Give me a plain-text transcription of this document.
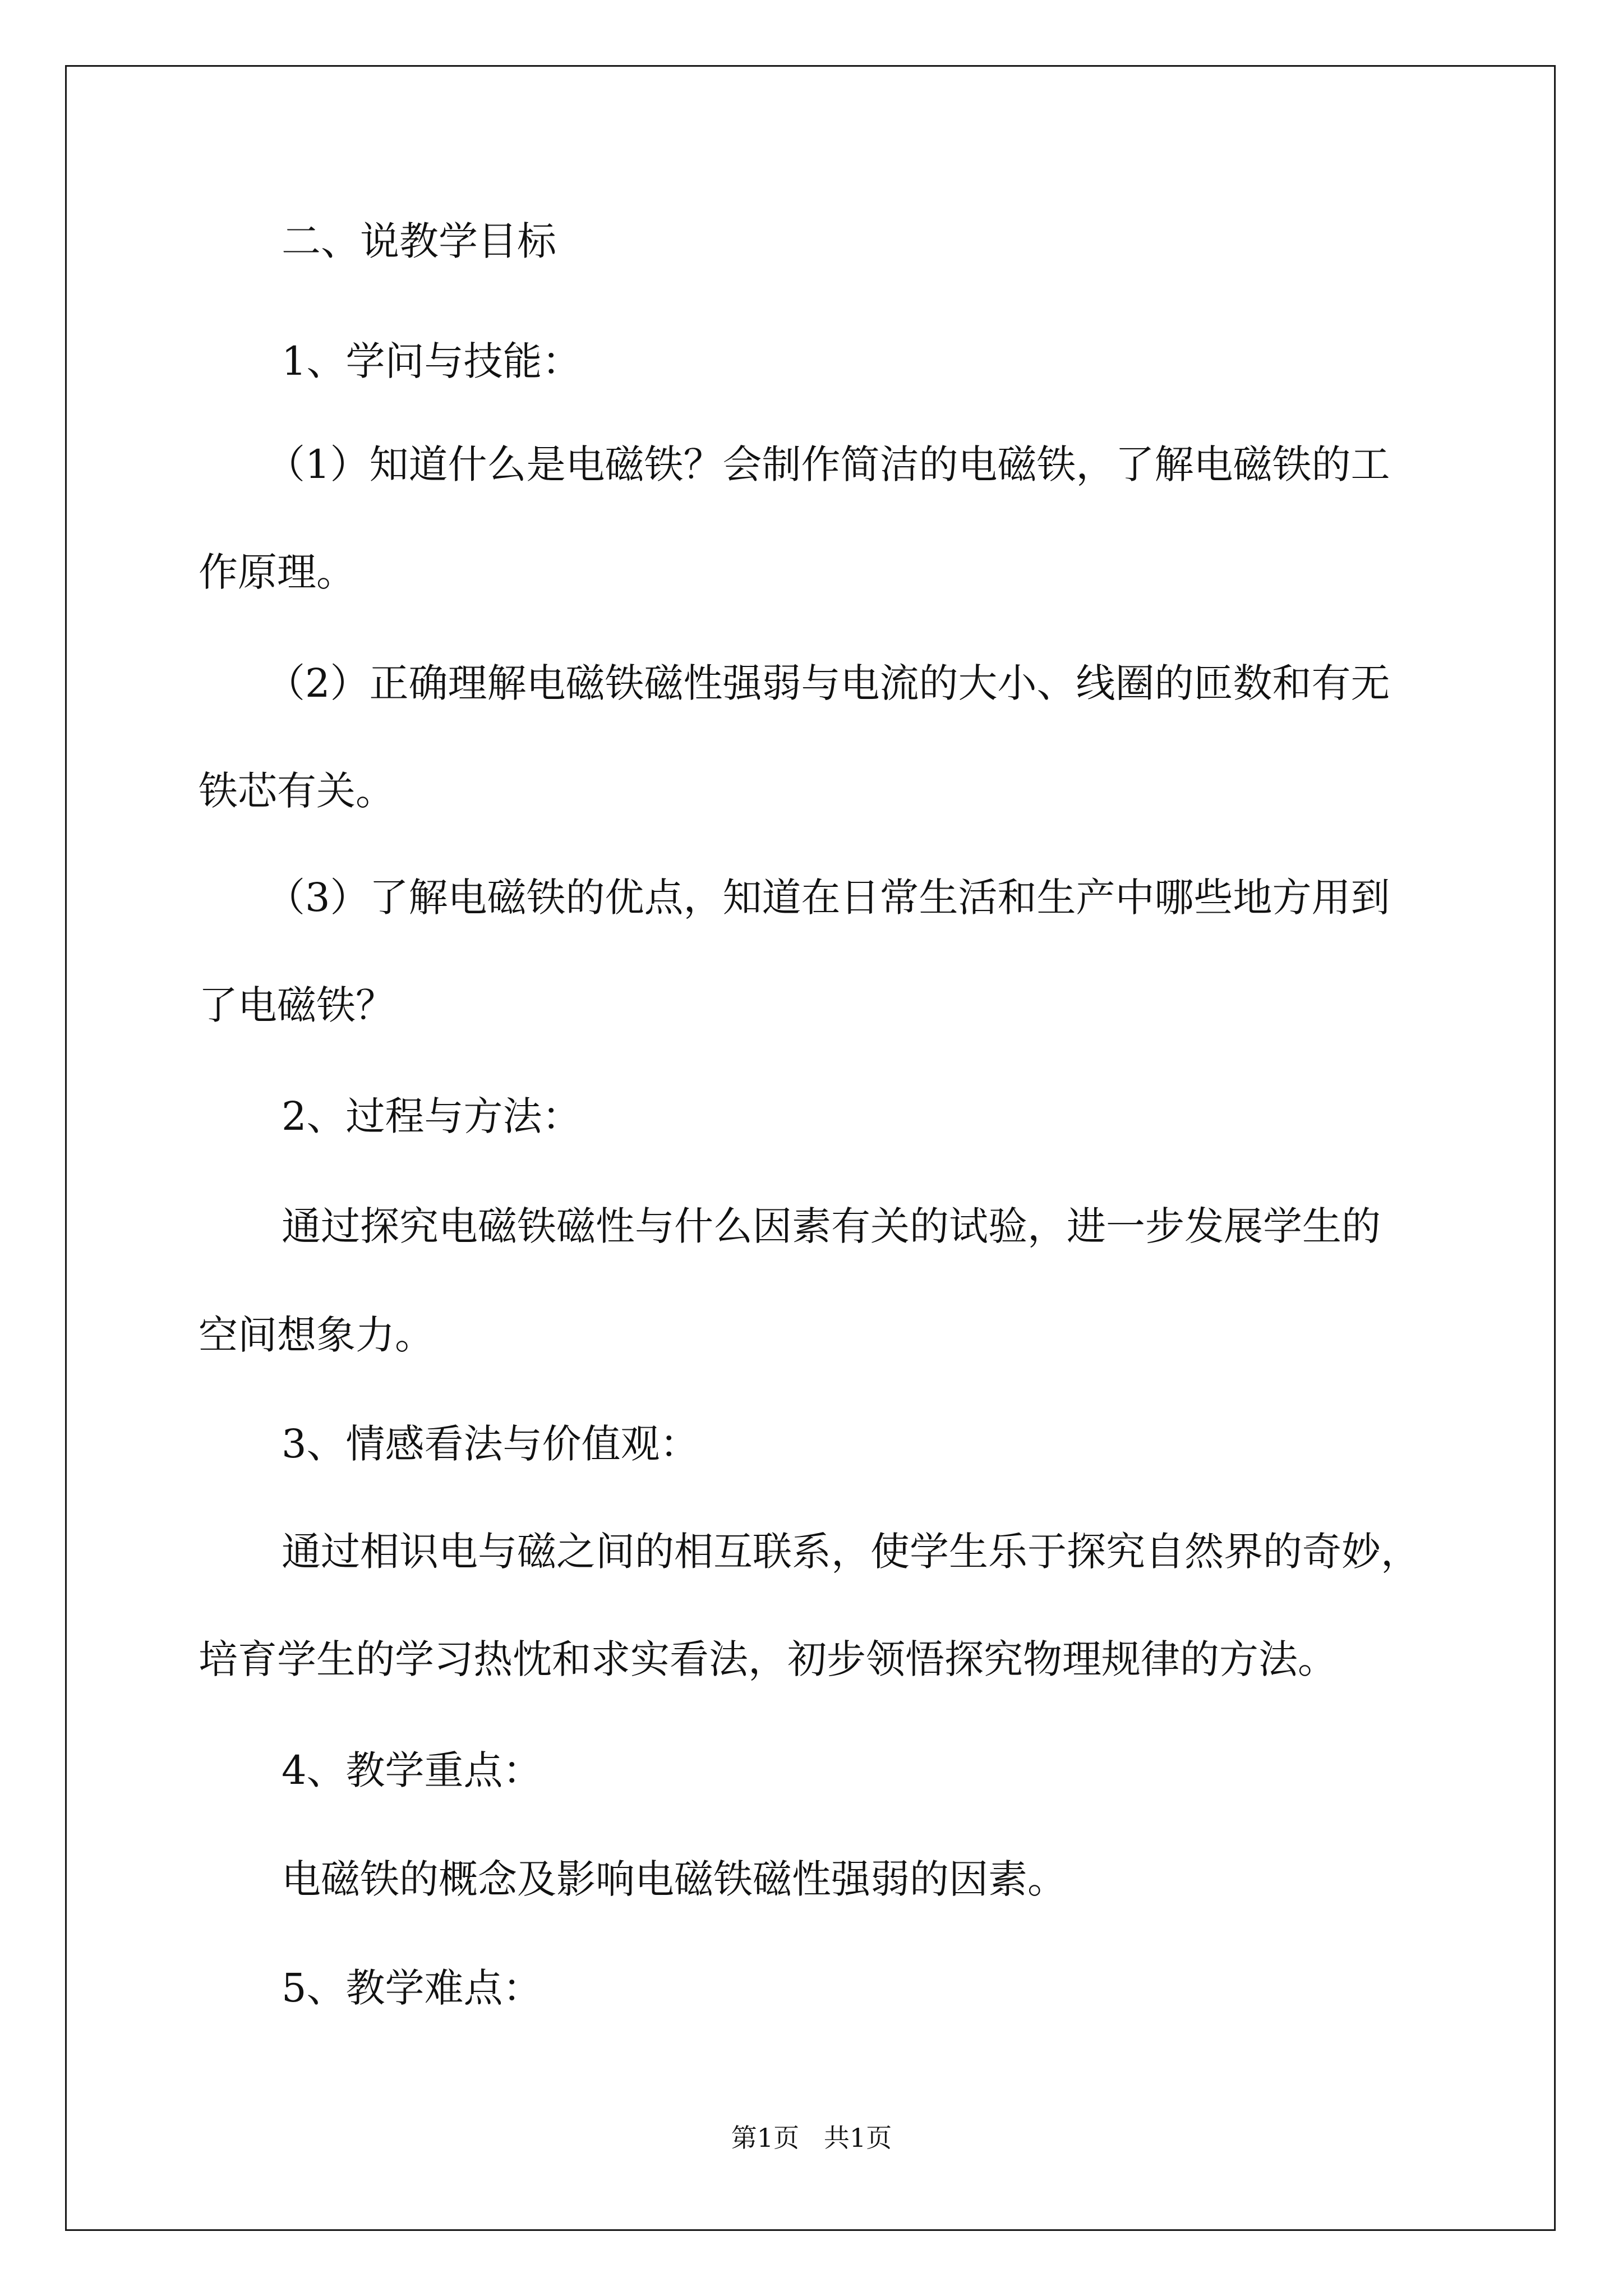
二、说教学目标
1、学问与技能：
（1）知道什么是电磁铁？会制作简洁的电磁铁，了解电磁铁的工
作原理。
（2）正确理解电磁铁磁性强弱与电流的大小、线圈的匝数和有无
铁芯有关。
（3）了解电磁铁的优点，知道在日常生活和生产中哪些地方用到
了电磁铁？
2、过程与方法：
通过探究电磁铁磁性与什么因素有关的试验，进一步发展学生的
空间想象力。
3、情感看法与价值观：
通过相识电与磁之间的相互联系，使学生乐于探究自然界的奇妙，
培育学生的学习热忱和求实看法，初步领悟探究物理规律的方法。
4、教学重点：
电磁铁的概念及影响电磁铁磁性强弱的因素。
5、教学难点：
第1页   共1页
